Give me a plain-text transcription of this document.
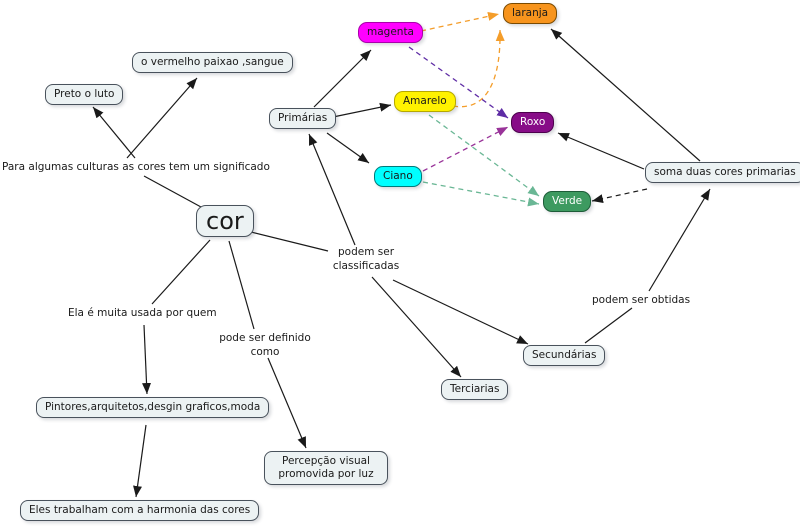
cor
Preto o luto
o vermelho paixao ,sangue
Primárias
magenta
laranja
Amarelo
Roxo
Ciano
Verde
soma duas cores primarias
Secundárias
Terciarias
Pintores,arquitetos,desgin graficos,moda
Percepção visual promovida por luz
Eles trabalham com a harmonia das cores
Para algumas culturas as cores tem um significado
podem ser classificadas
Ela é muita usada por quem
pode ser definido como
podem ser obtidas
